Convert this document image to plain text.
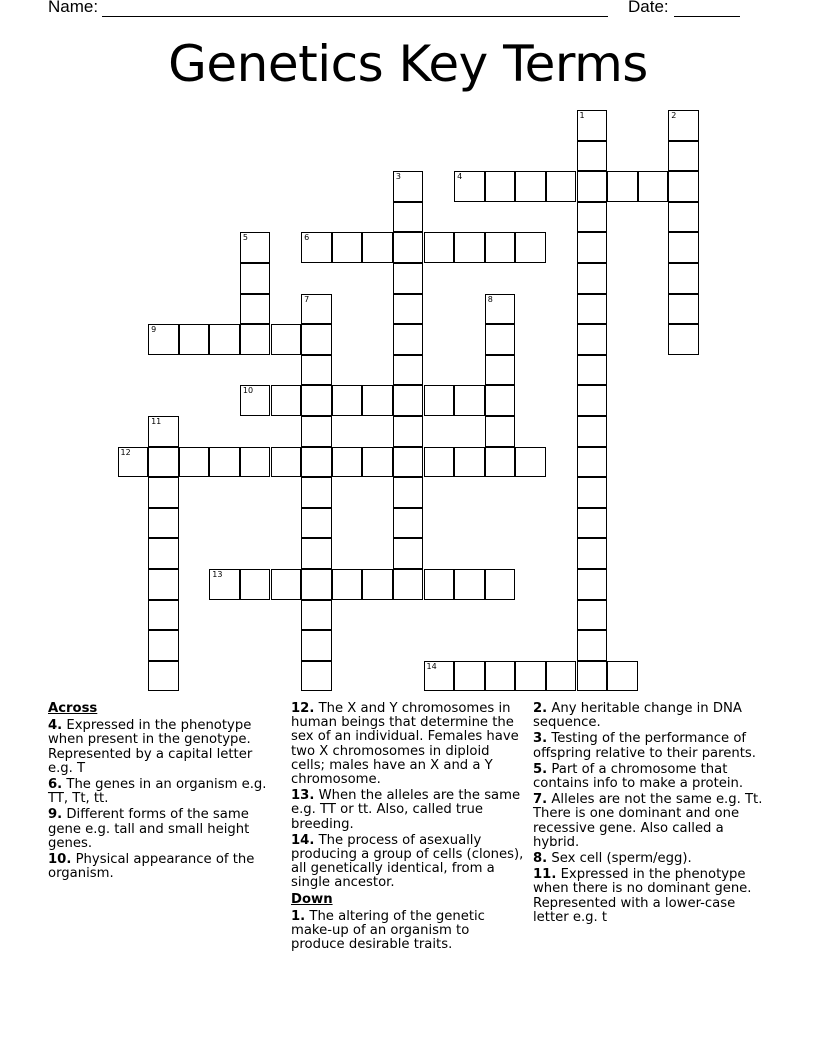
Name:	Date:
Genetics Key Terms
1	2
3	4
5	6
7	8
9
10
11
12
13
14
Across
4. Expressed in the phenotype when present in the genotype. Represented by a capital letter e.g. T
6. The genes in an organism e.g. TT, Tt, tt.
9. Different forms of the same gene e.g. tall and small height genes.
10. Physical appearance of the organism.
12. The X and Y chromosomes in human beings that determine the sex of an individual. Females have two X chromosomes in diploid cells; males have an X and a Y chromosome.
13. When the alleles are the same e.g. TT or tt. Also, called true breeding.
14. The process of asexually producing a group of cells (clones), all genetically identical, from a single ancestor.
Down
1. The altering of the genetic make-up of an organism to produce desirable traits.
2. Any heritable change in DNA sequence.
3. Testing of the performance of offspring relative to their parents.
5. Part of a chromosome that contains info to make a protein.
7. Alleles are not the same e.g. Tt. There is one dominant and one recessive gene. Also called a hybrid.
8. Sex cell (sperm/egg).
11. Expressed in the phenotype when there is no dominant gene. Represented with a lower-case letter e.g. t
